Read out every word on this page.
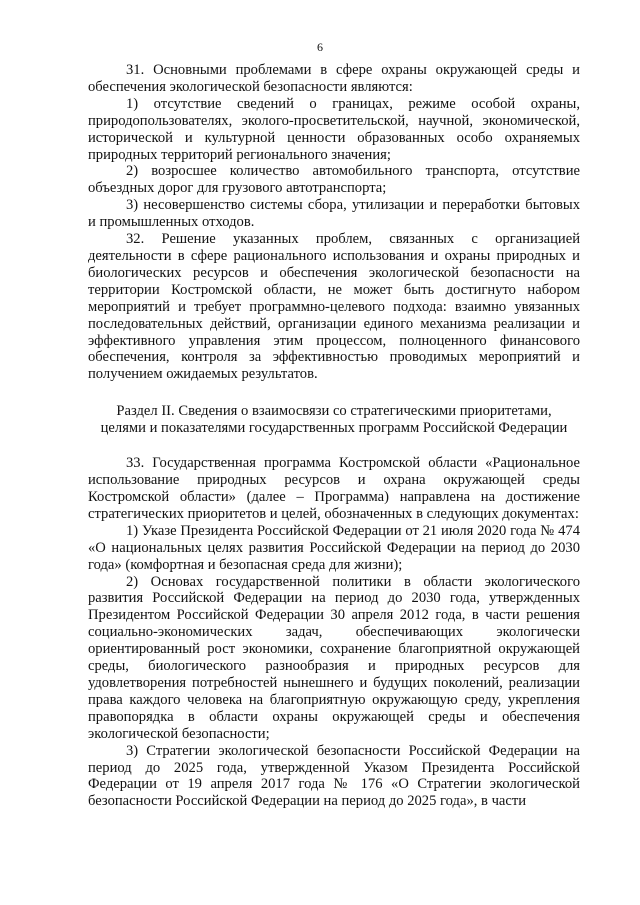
6

31. Основными проблемами в сфере охраны окружающей среды и обеспечения экологической безопасности являются:

1) отсутствие сведений о границах, режиме особой охраны, природопользователях, эколого-просветительской, научной, экономической, исторической и культурной ценности образованных особо охраняемых природных территорий регионального значения;

2) возросшее количество автомобильного транспорта, отсутствие объездных дорог для грузового автотранспорта;

3) несовершенство системы сбора, утилизации и переработки бытовых и промышленных отходов.

32. Решение указанных проблем, связанных с организацией деятельности в сфере рационального использования и охраны природных и биологических ресурсов и обеспечения экологической безопасности на территории Костромской области, не может быть достигнуто набором мероприятий и требует программно-целевого подхода: взаимно увязанных последовательных действий, организации единого механизма реализации и эффективного управления этим процессом, полноценного финансового обеспечения, контроля за эффективностью проводимых мероприятий и получением ожидаемых результатов.

Раздел II. Сведения о взаимосвязи со стратегическими приоритетами,

целями и показателями государственных программ Российской Федерации

33. Государственная программа Костромской области «Рациональное использование природных ресурсов и охрана окружающей среды Костромской области» (далее – Программа) направлена на достижение стратегических приоритетов и целей, обозначенных в следующих документах:

1) Указе Президента Российской Федерации от 21 июля 2020 года № 474 «О национальных целях развития Российской Федерации на период до 2030 года» (комфортная и безопасная среда для жизни);

2) Основах государственной политики в области экологического развития Российской Федерации на период до 2030 года, утвержденных Президентом Российской Федерации 30 апреля 2012 года, в части решения социально-экономических задач, обеспечивающих экологически ориентированный рост экономики, сохранение благоприятной окружающей среды, биологического разнообразия и природных ресурсов для удовлетворения потребностей нынешнего и будущих поколений, реализации права каждого человека на благоприятную окружающую среду, укрепления правопорядка в области охраны окружающей среды и обеспечения экологической безопасности;

3) Стратегии экологической безопасности Российской Федерации на период до 2025 года, утвержденной Указом Президента Российской Федерации от 19 апреля 2017 года № 176 «О Стратегии экологической безопасности Российской Федерации на период до 2025 года», в части
